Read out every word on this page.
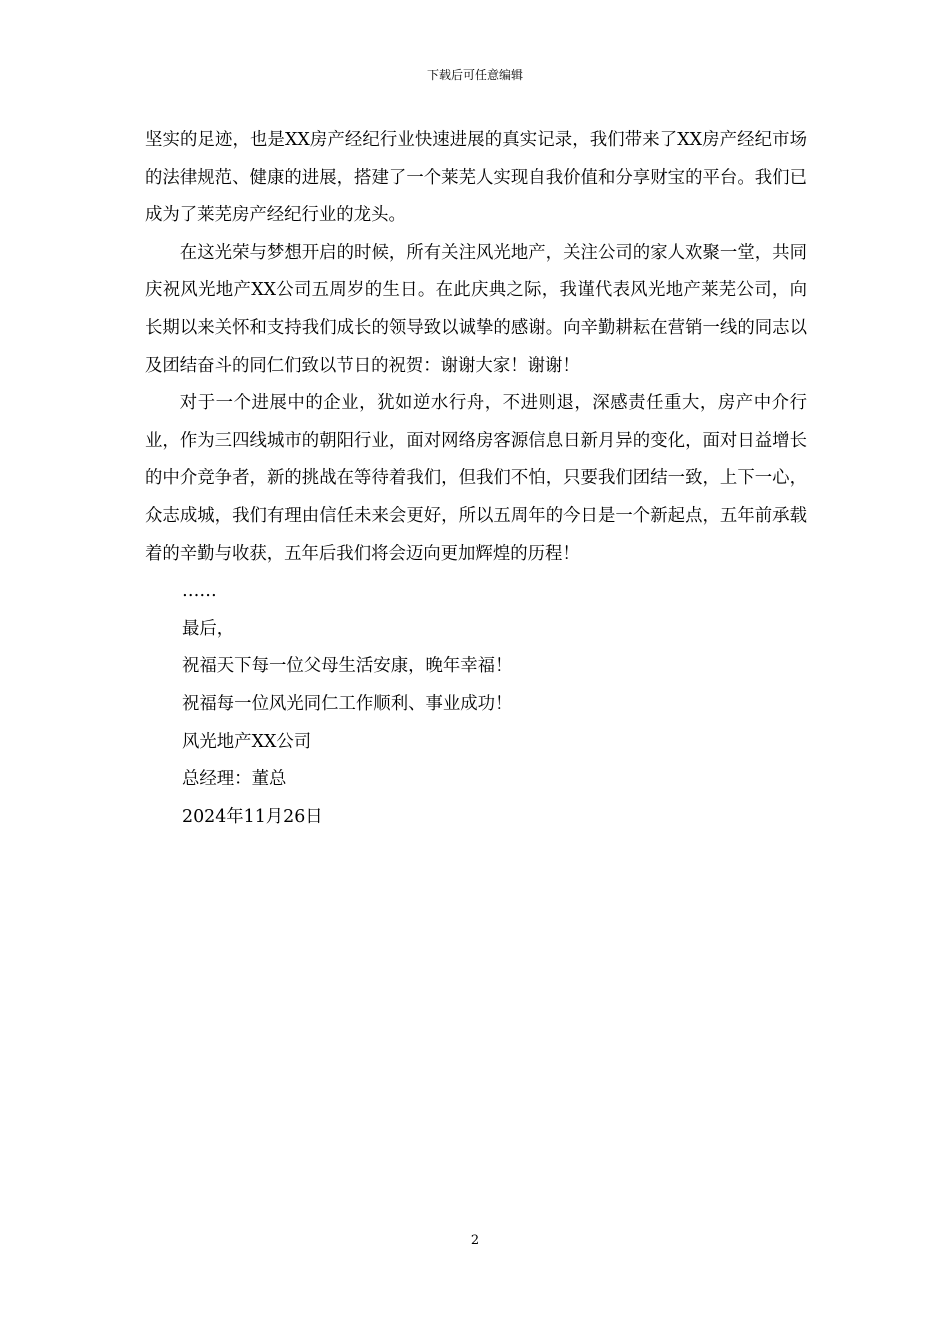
下载后可任意编辑

坚实的足迹，也是XX房产经纪行业快速进展的真实记录，我们带来了XX房产经纪市场的法律规范、健康的进展，搭建了一个莱芜人实现自我价值和分享财宝的平台。我们已成为了莱芜房产经纪行业的龙头。

在这光荣与梦想开启的时候，所有关注风光地产，关注公司的家人欢聚一堂，共同庆祝风光地产XX公司五周岁的生日。在此庆典之际，我谨代表风光地产莱芜公司，向长期以来关怀和支持我们成长的领导致以诚挚的感谢。向辛勤耕耘在营销一线的同志以及团结奋斗的同仁们致以节日的祝贺：谢谢大家！谢谢！

对于一个进展中的企业，犹如逆水行舟，不进则退，深感责任重大，房产中介行业，作为三四线城市的朝阳行业，面对网络房客源信息日新月异的变化，面对日益增长的中介竞争者，新的挑战在等待着我们，但我们不怕，只要我们团结一致，上下一心，众志成城，我们有理由信任未来会更好，所以五周年的今日是一个新起点，五年前承载着的辛勤与收获，五年后我们将会迈向更加辉煌的历程！

……

最后，

祝福天下每一位父母生活安康，晚年幸福！

祝福每一位风光同仁工作顺利、事业成功！

风光地产XX公司

总经理：董总

2024年11月26日

2
